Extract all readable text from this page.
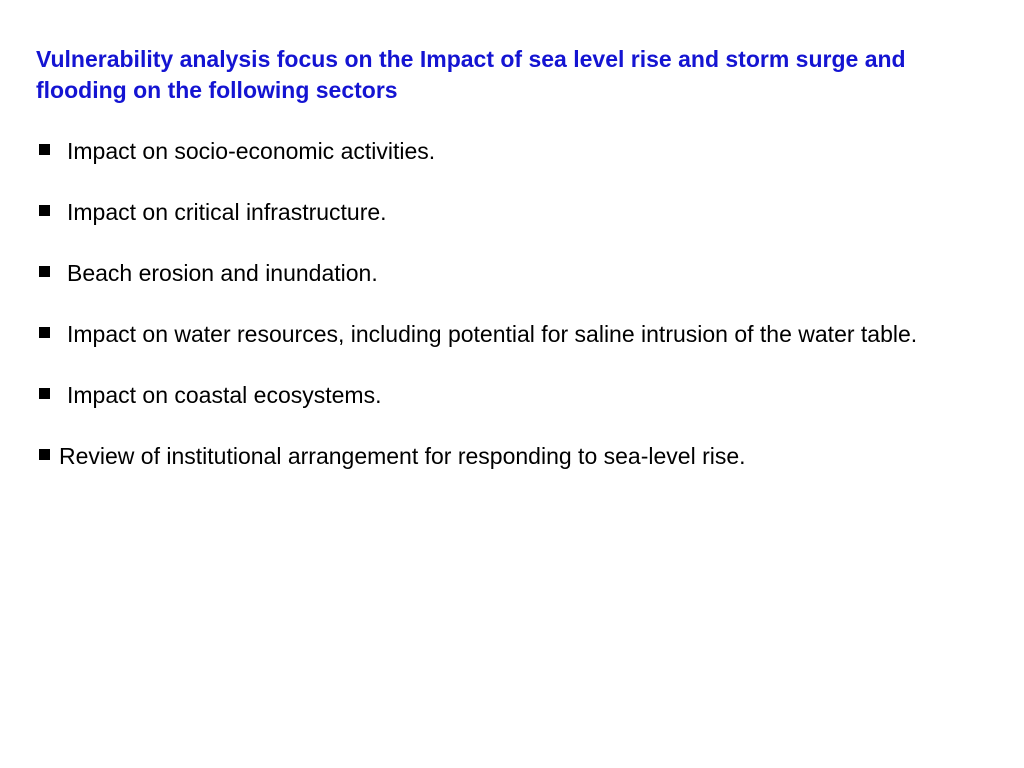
Vulnerability analysis focus on the Impact of sea level rise and storm surge and flooding on the following sectors

Impact on socio-economic activities.
Impact on critical infrastructure.
Beach erosion and inundation.
Impact on water resources, including potential for saline intrusion of the water table.
Impact on coastal ecosystems.
Review of institutional arrangement for responding to sea-level rise.
